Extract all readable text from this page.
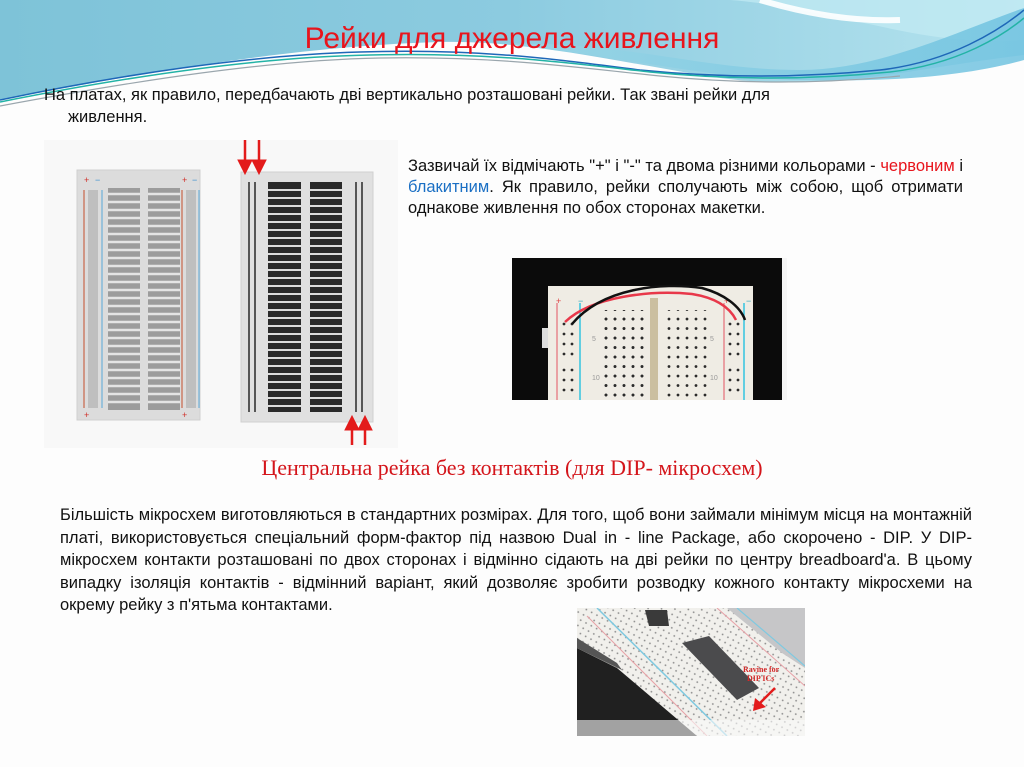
Рейки для джерела живлення
На платах, як правило, передбачають дві вертикально розташовані рейки. Так звані рейки для
живлення.
+ −	+ −
+	+
Зазвичай їх відмічають "+" і "-" та двома різними кольорами - червоним і блакитним. Як правило, рейки сполучають між собою, щоб отримати однакове живлення по обох сторонах макетки.
+ −	+ −
5
10
5
10
Центральна рейка без контактів (для DIP- мікросхем)
Ravine for
DIP ICs
Більшість мікросхем виготовляються в стандартних розмірах. Для того, щоб вони займали мінімум місця на монтажній платі, використовується спеціальний форм-фактор під назвою Dual in - line Package, або скорочено - DIP. У DIP- мікросхем контакти розташовані по двох сторонах і відмінно сідають на дві рейки по центру breadboard'a. В цьому випадку ізоляція контактів - відмінний варіант, який дозволяє зробити розводку кожного контакту мікросхеми на окрему рейку з п'ятьма контактами.
